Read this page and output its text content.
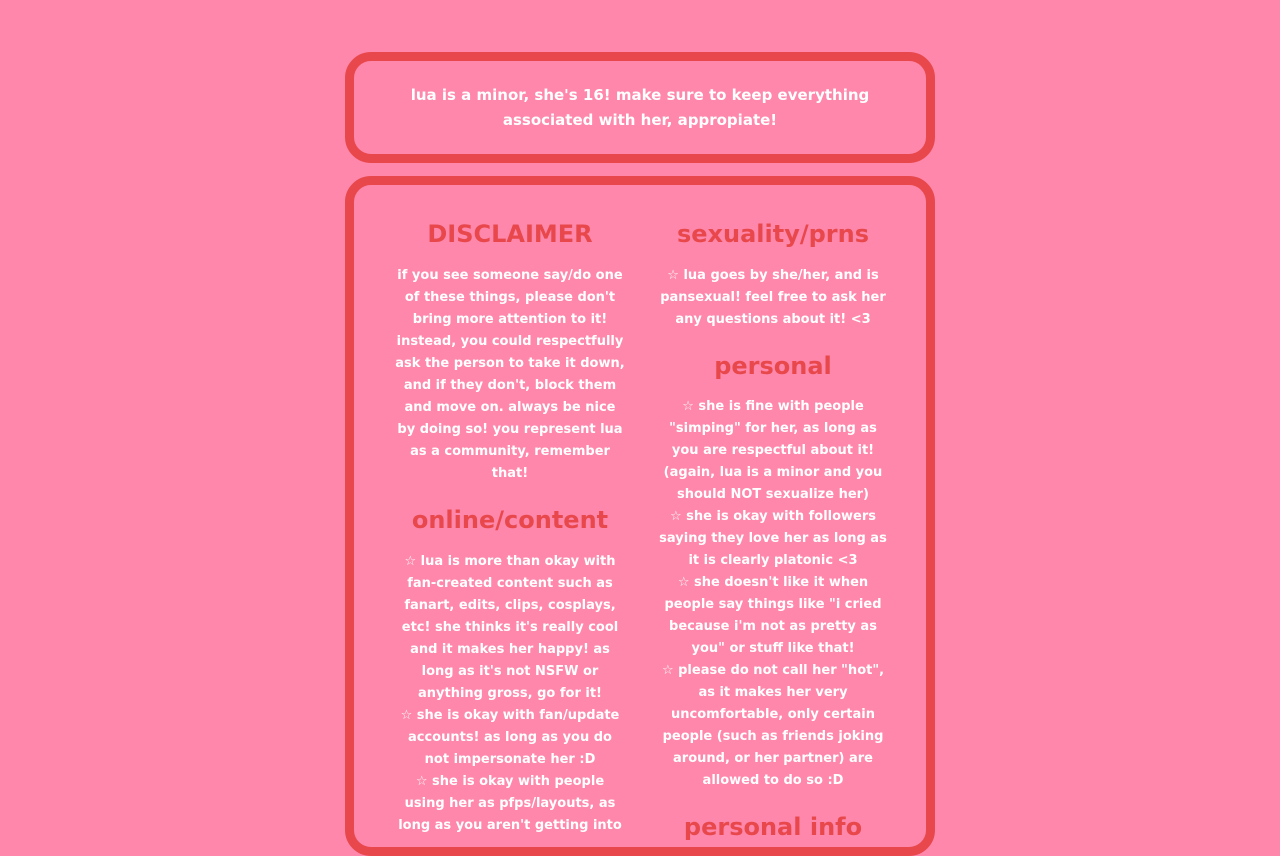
lua is a minor, she's 16! make sure to keep everything associated with her, appropiate!

DISCLAIMER

if you see someone say/do one of these things, please don't bring more attention to it! instead, you could respectfully ask the person to take it down, and if they don't, block them and move on. always be nice by doing so! you represent lua as a community, remember that!

online/content

☆ lua is more than okay with fan-created content such as fanart, edits, clips, cosplays, etc! she thinks it's really cool and it makes her happy! as long as it's not NSFW or anything gross, go for it!

☆ she is okay with fan/update accounts! as long as you do not impersonate her :D

☆ she is okay with people using her as pfps/layouts, as long as you aren't getting into

sexuality/prns

☆ lua goes by she/her, and is pansexual! feel free to ask her any questions about it! <3

personal

☆ she is fine with people "simping" for her, as long as you are respectful about it! (again, lua is a minor and you should NOT sexualize her)

☆ she is okay with followers saying they love her as long as it is clearly platonic <3

☆ she doesn't like it when people say things like "i cried because i'm not as pretty as you" or stuff like that!

☆ please do not call her "hot", as it makes her very uncomfortable, only certain people (such as friends joking around, or her partner) are allowed to do so :D

personal info
